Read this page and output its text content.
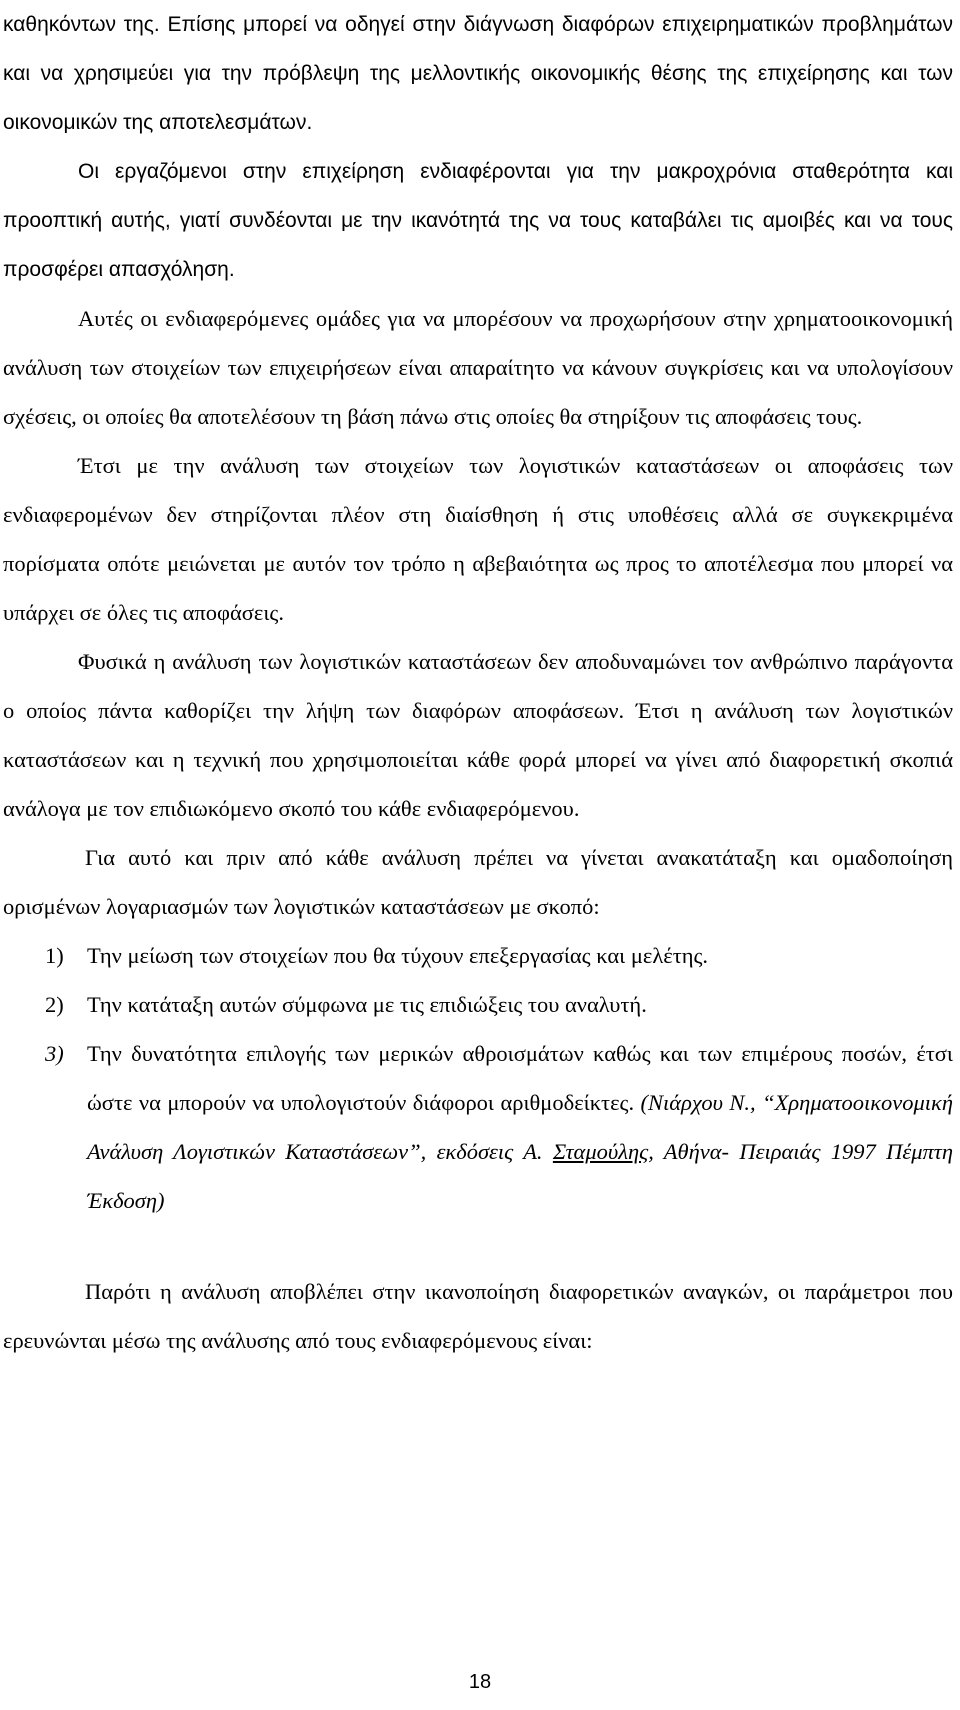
καθηκόντων της. Επίσης μπορεί να οδηγεί στην διάγνωση διαφόρων επιχειρηματικών προβλημάτων και να χρησιμεύει για την πρόβλεψη της μελλοντικής οικονομικής θέσης της επιχείρησης και των οικονομικών της αποτελεσμάτων.

Οι εργαζόμενοι στην επιχείρηση ενδιαφέρονται για την μακροχρόνια σταθερότητα και προοπτική αυτής, γιατί συνδέονται με την ικανότητά της να τους καταβάλει τις αμοιβές και να τους προσφέρει απασχόληση.

Αυτές οι ενδιαφερόμενες ομάδες για να μπορέσουν να προχωρήσουν στην χρηματοοικονομική ανάλυση των στοιχείων των επιχειρήσεων είναι απαραίτητο να κάνουν συγκρίσεις και να υπολογίσουν σχέσεις, οι οποίες θα αποτελέσουν τη βάση πάνω στις οποίες θα στηρίξουν τις αποφάσεις τους.

Έτσι με την ανάλυση των στοιχείων των λογιστικών καταστάσεων οι αποφάσεις των ενδιαφερομένων δεν στηρίζονται πλέον στη διαίσθηση ή στις υποθέσεις αλλά σε συγκεκριμένα πορίσματα οπότε μειώνεται με αυτόν τον τρόπο η αβεβαιότητα ως προς το αποτέλεσμα που μπορεί να υπάρχει σε όλες τις αποφάσεις.

Φυσικά η ανάλυση των λογιστικών καταστάσεων δεν αποδυναμώνει τον ανθρώπινο παράγοντα ο οποίος πάντα καθορίζει την λήψη των διαφόρων αποφάσεων. Έτσι η ανάλυση των λογιστικών καταστάσεων και η τεχνική που χρησιμοποιείται κάθε φορά μπορεί να γίνει από διαφορετική σκοπιά ανάλογα με τον επιδιωκόμενο σκοπό του κάθε ενδιαφερόμενου.

Για αυτό και πριν από κάθε ανάλυση πρέπει να γίνεται ανακατάταξη και ομαδοποίηση ορισμένων λογαριασμών των λογιστικών καταστάσεων με σκοπό:

1) Την μείωση των στοιχείων που θα τύχουν επεξεργασίας και μελέτης.
2) Την κατάταξη αυτών σύμφωνα με τις επιδιώξεις του αναλυτή.
3) Την δυνατότητα επιλογής των μερικών αθροισμάτων καθώς και των επιμέρους ποσών, έτσι ώστε να μπορούν να υπολογιστούν διάφοροι αριθμοδείκτες. (Νιάρχου Ν., “Χρηματοοικονομική Ανάλυση Λογιστικών Καταστάσεων”, εκδόσεις Α. Σταμούλης, Αθήνα- Πειραιάς 1997 Πέμπτη Έκδοση)

Παρότι η ανάλυση αποβλέπει στην ικανοποίηση διαφορετικών αναγκών, οι παράμετροι που ερευνώνται μέσω της ανάλυσης από τους ενδιαφερόμενους είναι:

18
